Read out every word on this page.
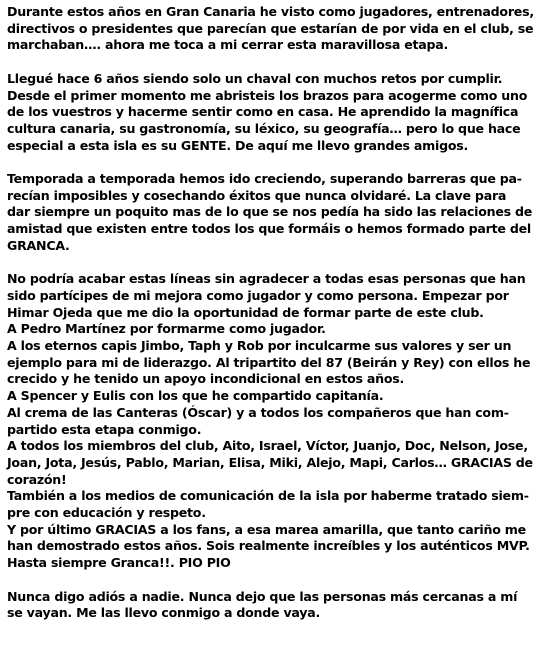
Durante estos años en Gran Canaria he visto como jugadores, entrenadores,
directivos o presidentes que parecían que estarían de por vida en el club, se
marchaban…. ahora me toca a mi cerrar esta maravillosa etapa.
Llegué hace 6 años siendo solo un chaval con muchos retos por cumplir.
Desde el primer momento me abristeis los brazos para acogerme como uno
de los vuestros y hacerme sentir como en casa. He aprendido la magnífica
cultura canaria, su gastronomía, su léxico, su geografía… pero lo que hace
especial a esta isla es su GENTE. De aquí me llevo grandes amigos.
Temporada a temporada hemos ido creciendo, superando barreras que pa-
recían imposibles y cosechando éxitos que nunca olvidaré. La clave para
dar siempre un poquito mas de lo que se nos pedía ha sido las relaciones de
amistad que existen entre todos los que formáis o hemos formado parte del
GRANCA.
No podría acabar estas líneas sin agradecer a todas esas personas que han
sido partícipes de mi mejora como jugador y como persona. Empezar por
Himar Ojeda que me dio la oportunidad de formar parte de este club.
A Pedro Martínez por formarme como jugador.
A los eternos capis Jimbo, Taph y Rob por inculcarme sus valores y ser un
ejemplo para mi de liderazgo. Al tripartito del 87 (Beirán y Rey) con ellos he
crecido y he tenido un apoyo incondicional en estos años.
A Spencer y Eulis con los que he compartido capitanía.
Al crema de las Canteras (Óscar) y a todos los compañeros que han com-
partido esta etapa conmigo.
A todos los miembros del club, Aito, Israel, Víctor, Juanjo, Doc, Nelson, Jose,
Joan, Jota, Jesús, Pablo, Marian, Elisa, Miki, Alejo, Mapi, Carlos… GRACIAS de
corazón!
También a los medios de comunicación de la isla por haberme tratado siem-
pre con educación y respeto.
Y por último GRACIAS a los fans, a esa marea amarilla, que tanto cariño me
han demostrado estos años. Sois realmente increíbles y los auténticos MVP.
Hasta siempre Granca!!. PIO PIO
Nunca digo adiós a nadie. Nunca dejo que las personas más cercanas a mí
se vayan. Me las llevo conmigo a donde vaya.
